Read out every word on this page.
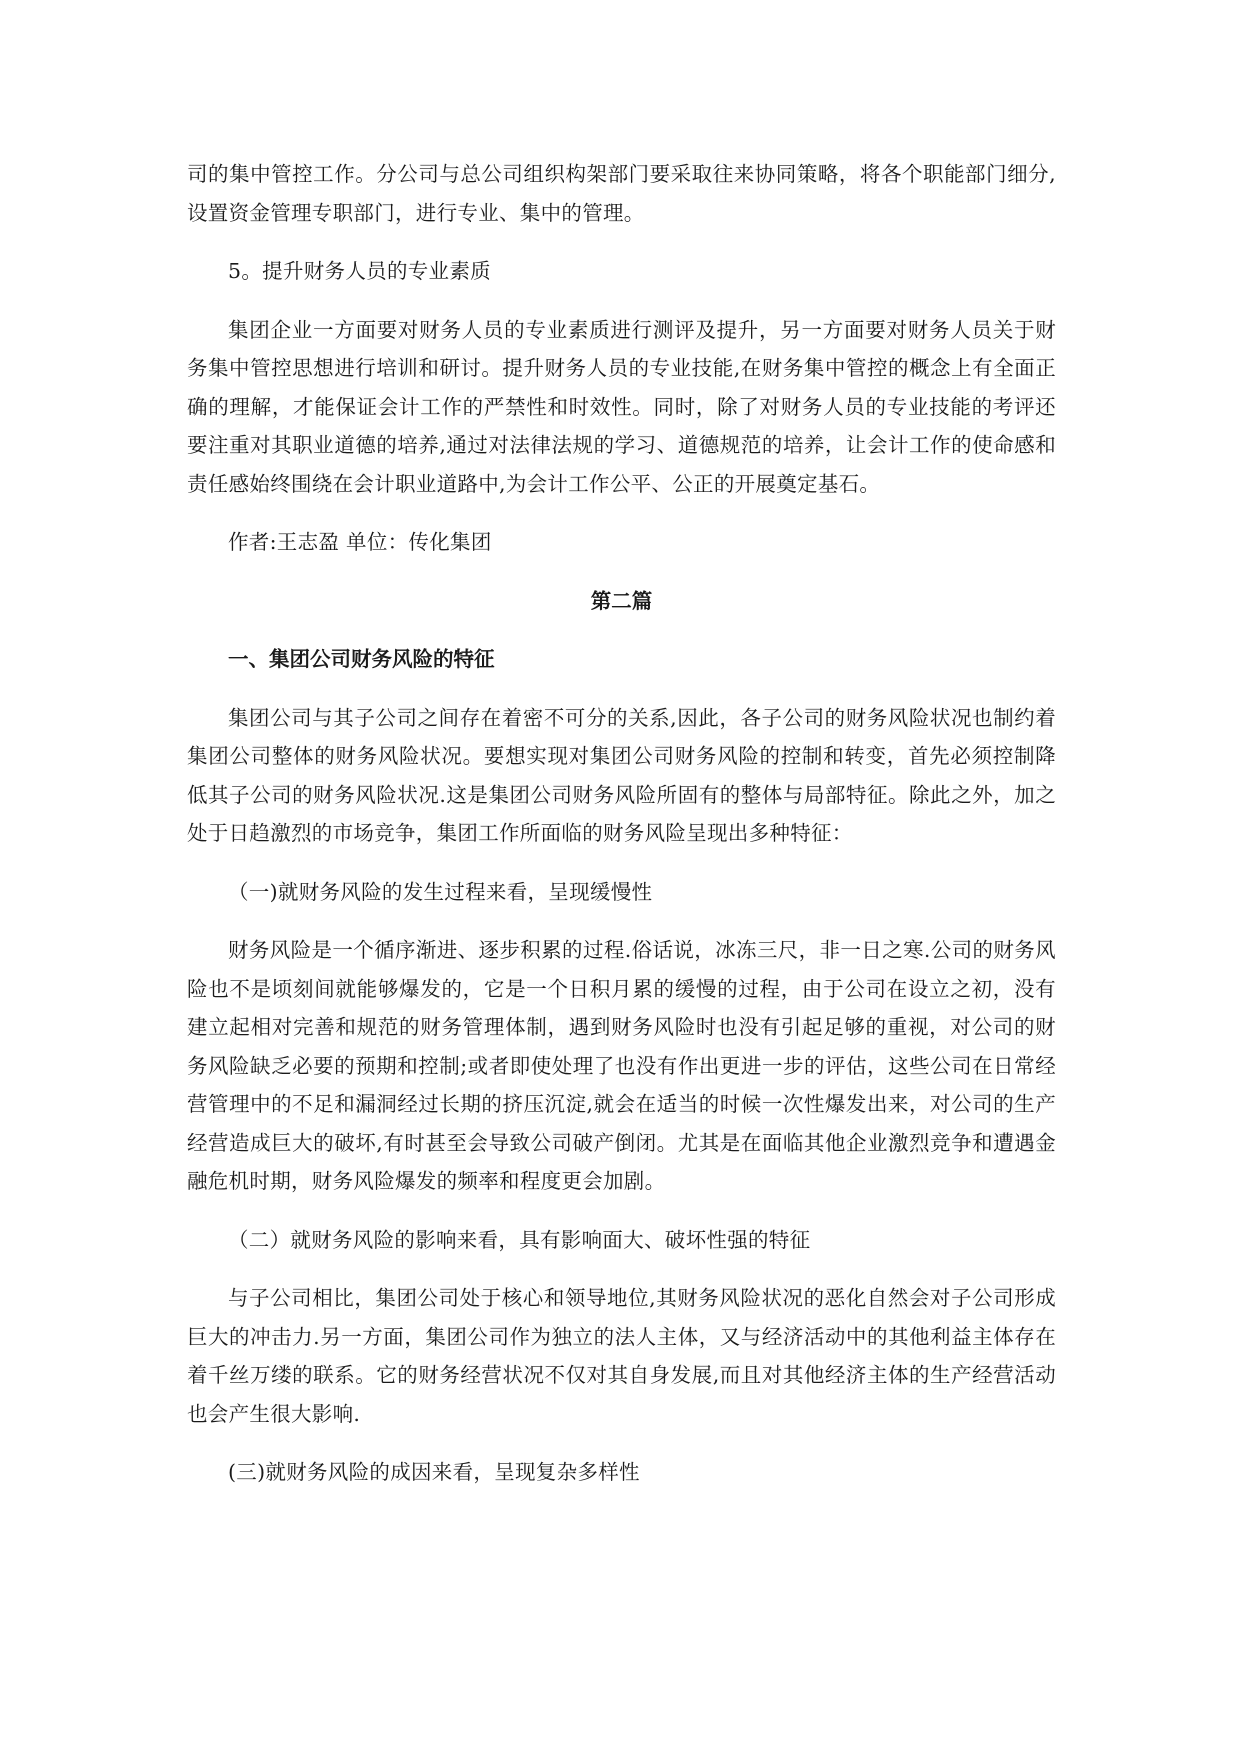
司的集中管控工作。分公司与总公司组织构架部门要采取往来协同策略，将各个职能部门细分,设置资金管理专职部门，进行专业、集中的管理。

5。提升财务人员的专业素质

集团企业一方面要对财务人员的专业素质进行测评及提升，另一方面要对财务人员关于财务集中管控思想进行培训和研讨。提升财务人员的专业技能,在财务集中管控的概念上有全面正确的理解，才能保证会计工作的严禁性和时效性。同时，除了对财务人员的专业技能的考评还要注重对其职业道德的培养,通过对法律法规的学习、道德规范的培养，让会计工作的使命感和责任感始终围绕在会计职业道路中,为会计工作公平、公正的开展奠定基石。

作者:王志盈 单位：传化集团

第二篇

一、集团公司财务风险的特征

集团公司与其子公司之间存在着密不可分的关系,因此，各子公司的财务风险状况也制约着集团公司整体的财务风险状况。要想实现对集团公司财务风险的控制和转变，首先必须控制降低其子公司的财务风险状况.这是集团公司财务风险所固有的整体与局部特征。除此之外，加之处于日趋激烈的市场竞争，集团工作所面临的财务风险呈现出多种特征：

（一)就财务风险的发生过程来看，呈现缓慢性

财务风险是一个循序渐进、逐步积累的过程.俗话说，冰冻三尺，非一日之寒.公司的财务风险也不是顷刻间就能够爆发的，它是一个日积月累的缓慢的过程，由于公司在设立之初，没有建立起相对完善和规范的财务管理体制，遇到财务风险时也没有引起足够的重视，对公司的财务风险缺乏必要的预期和控制;或者即使处理了也没有作出更进一步的评估，这些公司在日常经营管理中的不足和漏洞经过长期的挤压沉淀,就会在适当的时候一次性爆发出来，对公司的生产经营造成巨大的破坏,有时甚至会导致公司破产倒闭。尤其是在面临其他企业激烈竞争和遭遇金融危机时期，财务风险爆发的频率和程度更会加剧。

（二）就财务风险的影响来看，具有影响面大、破坏性强的特征

与子公司相比，集团公司处于核心和领导地位,其财务风险状况的恶化自然会对子公司形成巨大的冲击力.另一方面，集团公司作为独立的法人主体，又与经济活动中的其他利益主体存在着千丝万缕的联系。它的财务经营状况不仅对其自身发展,而且对其他经济主体的生产经营活动也会产生很大影响.

(三)就财务风险的成因来看，呈现复杂多样性
